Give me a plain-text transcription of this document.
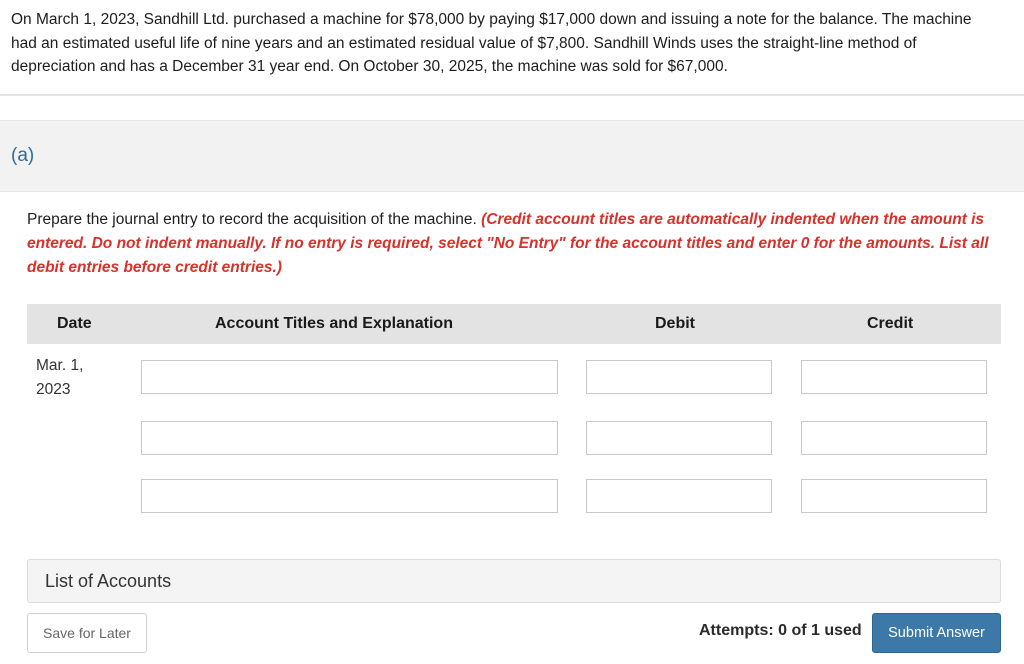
On March 1, 2023, Sandhill Ltd. purchased a machine for $78,000 by paying $17,000 down and issuing a note for the balance. The machine had an estimated useful life of nine years and an estimated residual value of $7,800. Sandhill Winds uses the straight-line method of depreciation and has a December 31 year end. On October 30, 2025, the machine was sold for $67,000.
(a)
Prepare the journal entry to record the acquisition of the machine. (Credit account titles are automatically indented when the amount is entered. Do not indent manually. If no entry is required, select "No Entry" for the account titles and enter 0 for the amounts. List all debit entries before credit entries.)
Date	Account Titles and Explanation	Debit	Credit
Mar. 1,
2023
List of Accounts
Save for Later	Attempts: 0 of 1 used	Submit Answer
